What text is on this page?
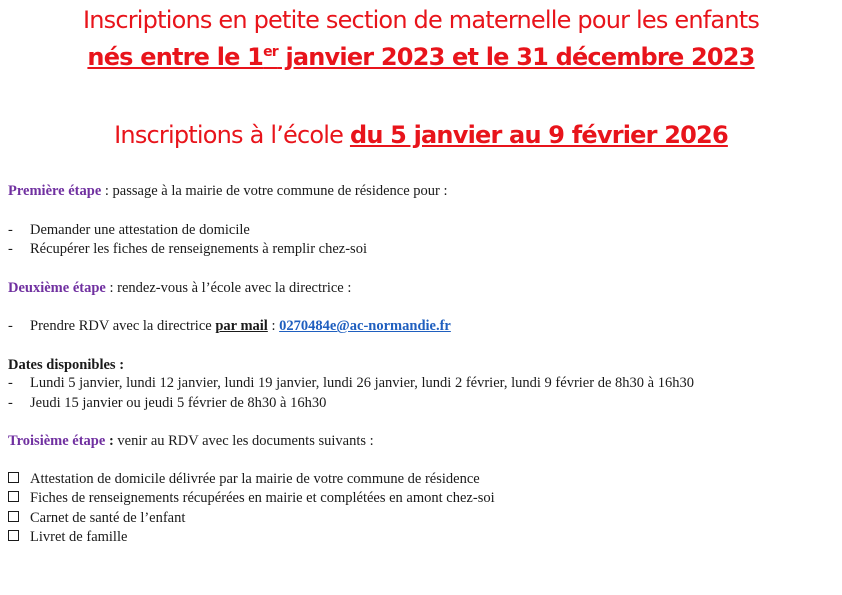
Inscriptions en petite section de maternelle pour les enfants
nés entre le 1er janvier 2023 et le 31 décembre 2023
Inscriptions à l’école du 5 janvier au 9 février 2026
Première étape : passage à la mairie de votre commune de résidence pour :
- Demander une attestation de domicile
- Récupérer les fiches de renseignements à remplir chez-soi
Deuxième étape : rendez-vous à l’école avec la directrice :
- Prendre RDV avec la directrice par mail : 0270484e@ac-normandie.fr
Dates disponibles :
- Lundi 5 janvier, lundi 12 janvier, lundi 19 janvier, lundi 26 janvier, lundi 2 février, lundi 9 février de 8h30 à 16h30
- Jeudi 15 janvier ou jeudi 5 février de 8h30 à 16h30
Troisième étape : venir au RDV avec les documents suivants :
Attestation de domicile délivrée par la mairie de votre commune de résidence
Fiches de renseignements récupérées en mairie et complétées en amont chez-soi
Carnet de santé de l’enfant
Livret de famille
